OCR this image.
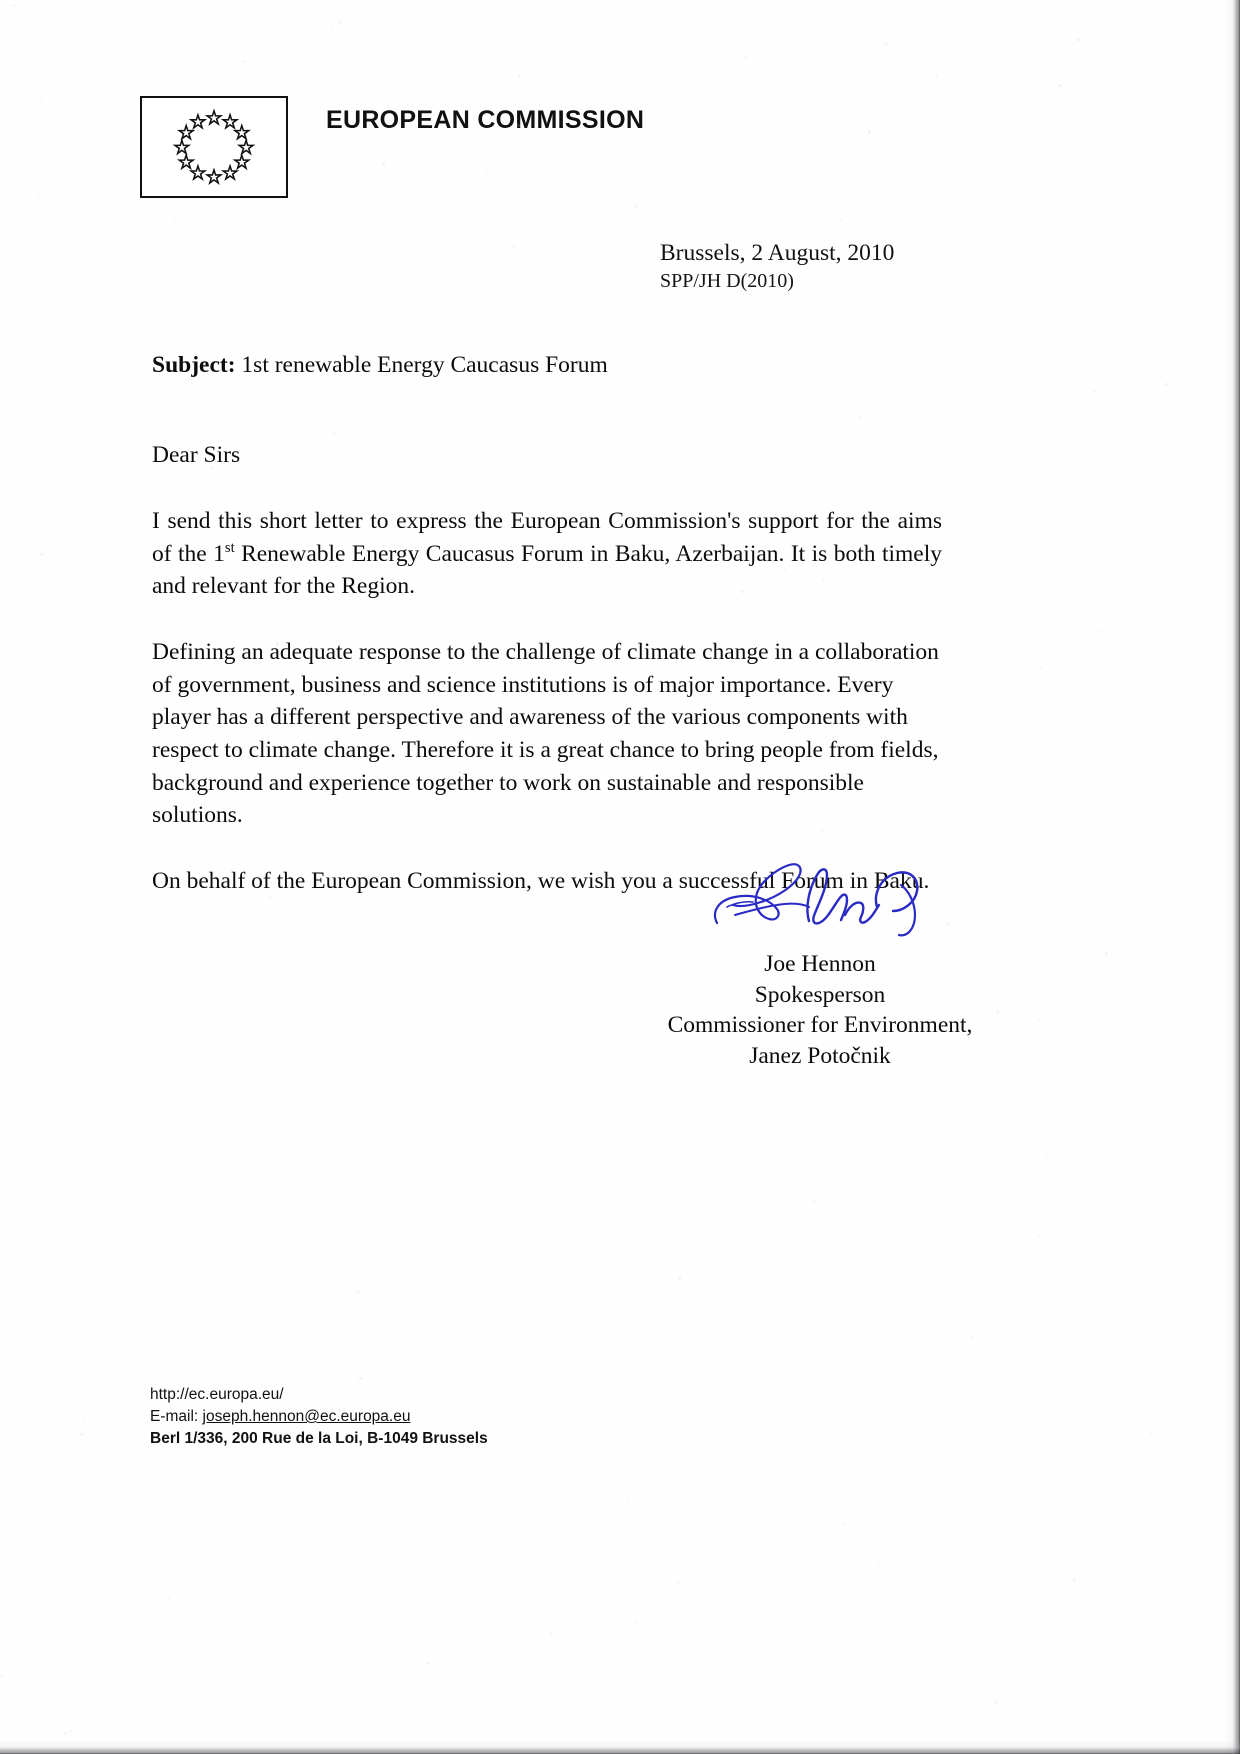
EUROPEAN COMMISSION
Brussels, 2 August, 2010
SPP/JH D(2010)
Subject: 1st renewable Energy Caucasus Forum
Dear Sirs

I send this short letter to express the European Commission's support for the aims of the 1st Renewable Energy Caucasus Forum in Baku, Azerbaijan. It is both timely and relevant for the Region.

Defining an adequate response to the challenge of climate change in a collaboration of government, business and science institutions is of major importance. Every player has a different perspective and awareness of the various components with respect to climate change. Therefore it is a great chance to bring people from fields, background and experience together to work on sustainable and responsible solutions.

On behalf of the European Commission, we wish you a successful Forum in Baku.

Joe Hennon
Spokesperson
Commissioner for Environment,
Janez Potočnik
http://ec.europa.eu/
E-mail: joseph.hennon@ec.europa.eu
Berl 1/336, 200 Rue de la Loi, B-1049 Brussels
